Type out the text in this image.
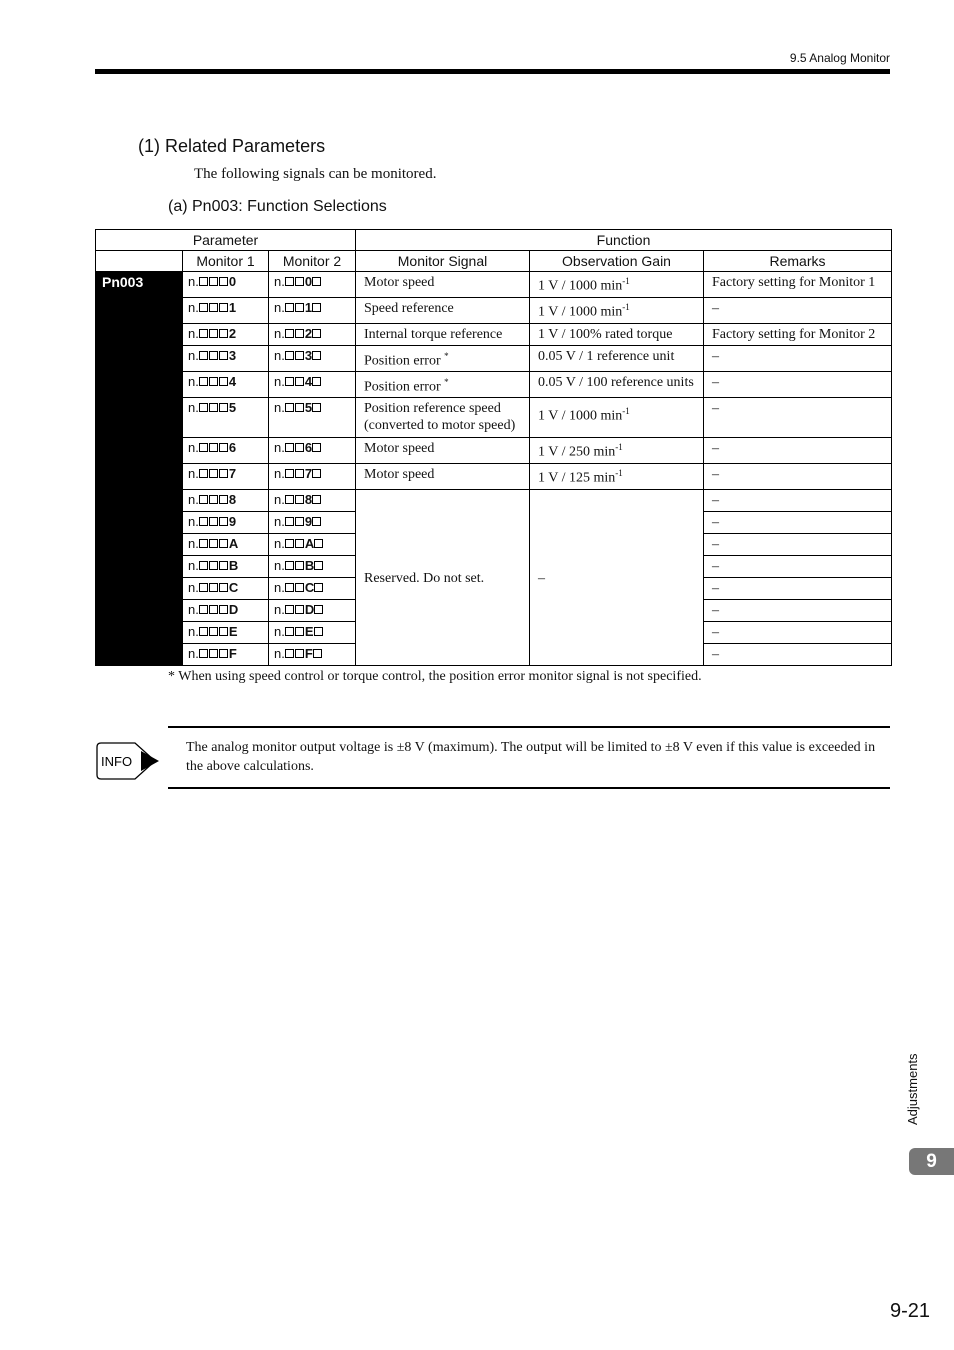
9.5 Analog Monitor
(1) Related Parameters
The following signals can be monitored.
(a) Pn003: Function Selections
Parameter			Function		
	Monitor 1	Monitor 2	Monitor Signal	Observation Gain	Remarks
Pn003	n. 0	n. 0	Motor speed	1 V / 1000 $\min^{-1}$	Factory setting for Monitor 1
	n. 1	n. 1	Speed reference	1 V / 1000 $\min^{-1}$	–
	n. 2	n. 2	Internal torque reference	1 V / 100% rated torque	Factory setting for Monitor 2
	n. 3	n. 3	Position error *	0.05 V / 1 reference unit	–
	n. 4	n. 4	Position error *	0.05 V / 100 reference units	–
	n. 5	n. 5	Position reference speed
(converted to motor speed)	1 V / 1000 $\min^{-1}$	–
	n. 6	n. 6	Motor speed	1 V / 250 $\min^{-1}$	–
	n. 7	n. 7	Motor speed	1 V / 125 $\min^{-1}$	–
	n. 8	n. 8	Reserved. Do not set.	–	–
	n. 9	n. 9			–
	n. A	n. A			–
	n. B	n. B			–
	n. C	n. C			–
	n. D	n. D			–
	n. E	n. E			–
	n. F	n. F			–
* When using speed control or torque control, the position error monitor signal is not specified.
INFO
The analog monitor output voltage is ±8 V (maximum). The output will be limited to ±8 V even if this value is exceeded in the above calculations.
Adjustments
9
9-21
